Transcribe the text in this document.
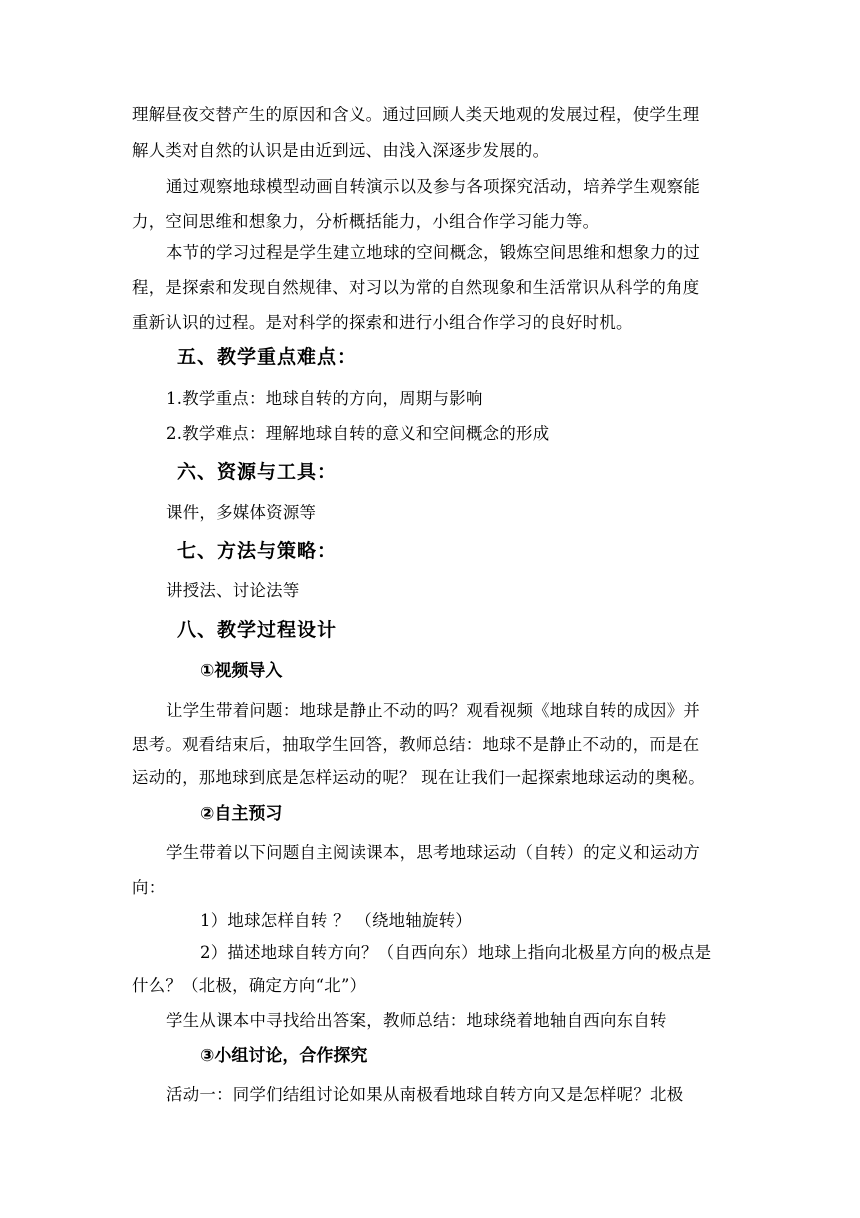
理解昼夜交替产生的原因和含义。通过回顾人类天地观的发展过程，使学生理
解人类对自然的认识是由近到远、由浅入深逐步发展的。
通过观察地球模型动画自转演示以及参与各项探究活动，培养学生观察能
力，空间思维和想象力，分析概括能力，小组合作学习能力等。
本节的学习过程是学生建立地球的空间概念，锻炼空间思维和想象力的过
程，是探索和发现自然规律、对习以为常的自然现象和生活常识从科学的角度
重新认识的过程。是对科学的探索和进行小组合作学习的良好时机。
五、教学重点难点：
1.教学重点：地球自转的方向，周期与影响
2.教学难点：理解地球自转的意义和空间概念的形成
六、资源与工具：
课件，多媒体资源等
七、方法与策略：
讲授法、讨论法等
八、教学过程设计
①视频导入
让学生带着问题：地球是静止不动的吗？观看视频《地球自转的成因》并
思考。观看结束后，抽取学生回答，教师总结：地球不是静止不动的，而是在
运动的，那地球到底是怎样运动的呢？ 现在让我们一起探索地球运动的奥秘。
②自主预习
学生带着以下问题自主阅读课本，思考地球运动（自转）的定义和运动方
向：
1）地球怎样自转 ？ （绕地轴旋转）
2）描述地球自转方向？（自西向东）地球上指向北极星方向的极点是
什么？（北极，确定方向“北”）
学生从课本中寻找给出答案，教师总结：地球绕着地轴自西向东自转
③小组讨论，合作探究
活动一：同学们结组讨论如果从南极看地球自转方向又是怎样呢？北极
